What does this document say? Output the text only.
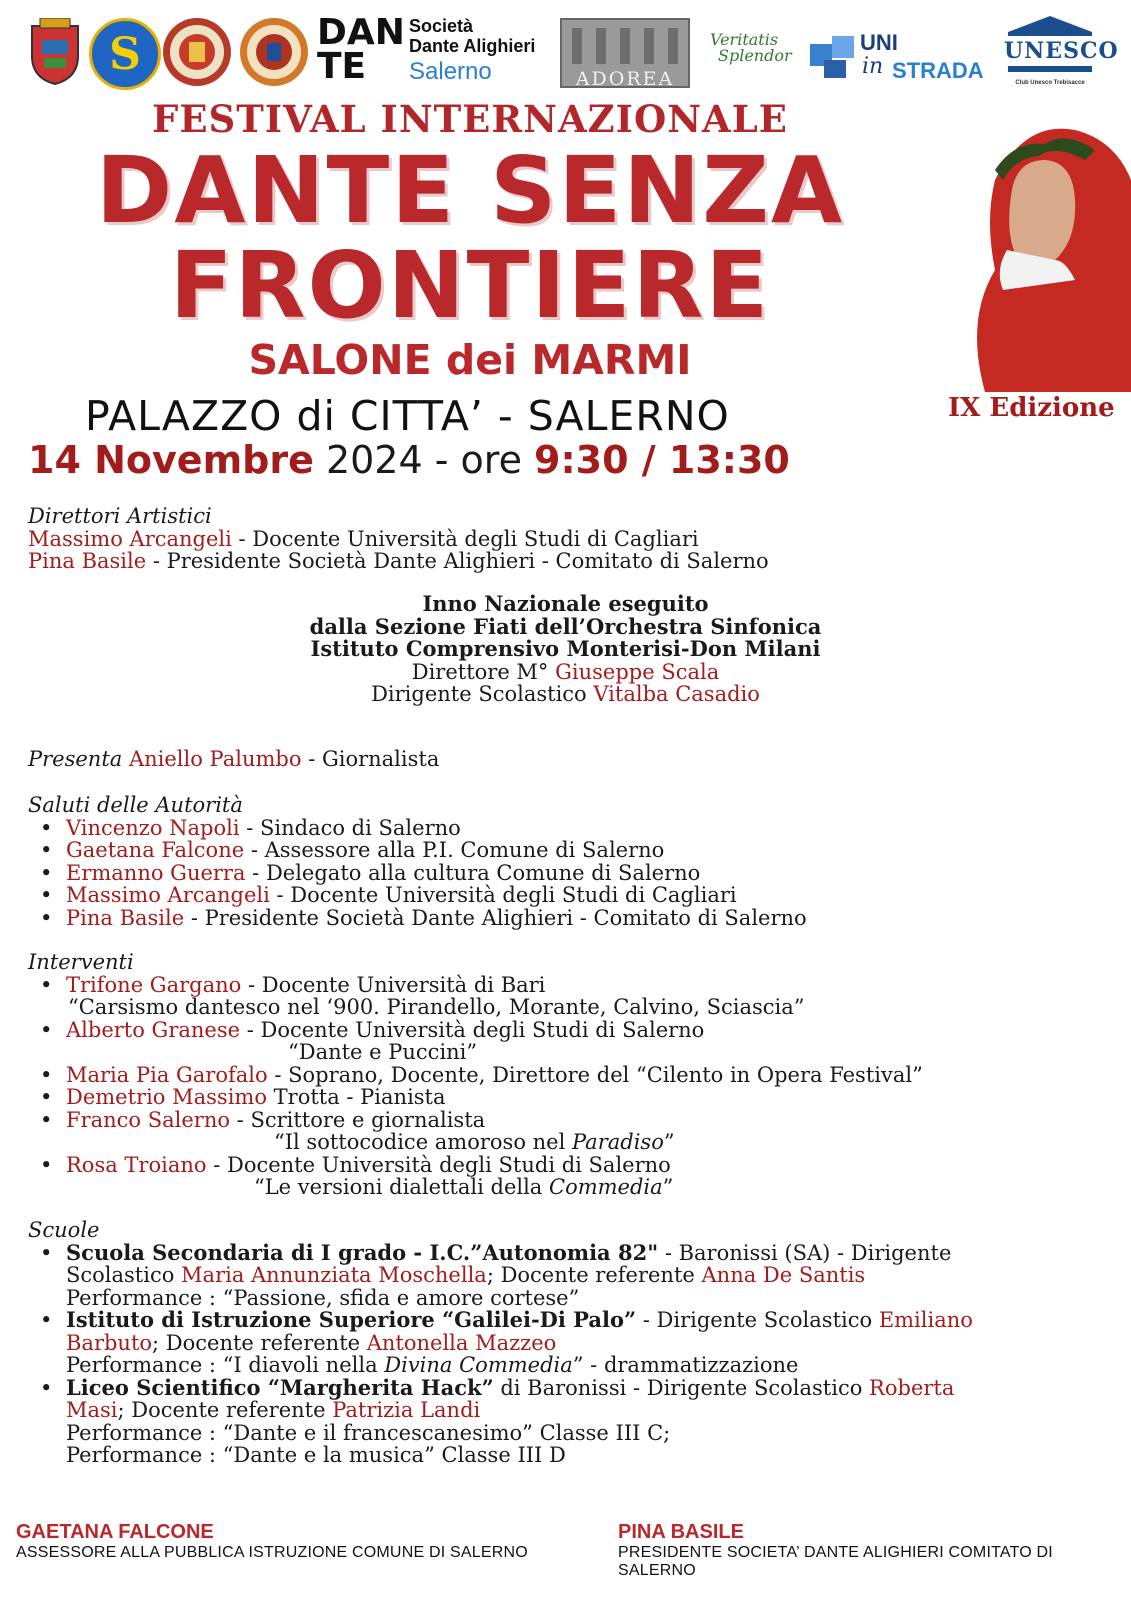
S	DAN
TE
Società
Dante Alighieri
Salerno	ADOREA
Veritatis
Splendor
UNI
in STRADA
UNESCO
Club Unesco Trebisacce
FESTIVAL INTERNAZIONALE
DANTE SENZA
FRONTIERE
SALONE dei MARMI
PALAZZO di CITTA’ - SALERNO
14 Novembre 2024 - ore 9:30 / 13:30
IX Edizione
Direttori Artistici
Massimo Arcangeli - Docente Università degli Studi di Cagliari
Pina Basile - Presidente Società Dante Alighieri - Comitato di Salerno
Inno Nazionale eseguito
dalla Sezione Fiati dell’Orchestra Sinfonica
Istituto Comprensivo Monterisi-Don Milani
Direttore M° Giuseppe Scala
Dirigente Scolastico Vitalba Casadio
Presenta Aniello Palumbo - Giornalista
Saluti delle Autorità
• Vincenzo Napoli - Sindaco di Salerno
• Gaetana Falcone - Assessore alla P.I. Comune di Salerno
• Ermanno Guerra - Delegato alla cultura Comune di Salerno
• Massimo Arcangeli - Docente Università degli Studi di Cagliari
• Pina Basile - Presidente Società Dante Alighieri - Comitato di Salerno
Interventi
• Trifone Gargano - Docente Università di Bari
“Carsismo dantesco nel ‘900. Pirandello, Morante, Calvino, Sciascia”
• Alberto Granese - Docente Università degli Studi di Salerno
“Dante e Puccini”
• Maria Pia Garofalo - Soprano, Docente, Direttore del “Cilento in Opera Festival”
• Demetrio Massimo Trotta - Pianista
• Franco Salerno - Scrittore e giornalista
“Il sottocodice amoroso nel Paradiso”
• Rosa Troiano - Docente Università degli Studi di Salerno
“Le versioni dialettali della Commedia”
Scuole
• Scuola Secondaria di I grado - I.C.”Autonomia 82" - Baronissi (SA) - Dirigente
Scolastico Maria Annunziata Moschella; Docente referente Anna De Santis
Performance : “Passione, sfida e amore cortese”
• Istituto di Istruzione Superiore “Galilei-Di Palo” - Dirigente Scolastico Emiliano
Barbuto; Docente referente Antonella Mazzeo
Performance : “I diavoli nella Divina Commedia” - drammatizzazione
• Liceo Scientifico “Margherita Hack” di Baronissi - Dirigente Scolastico Roberta
Masi; Docente referente Patrizia Landi
Performance : “Dante e il francescanesimo” Classe III C;
Performance : “Dante e la musica” Classe III D
GAETANA FALCONE
ASSESSORE ALLA PUBBLICA ISTRUZIONE COMUNE DI SALERNO
PINA BASILE
PRESIDENTE SOCIETA’ DANTE ALIGHIERI COMITATO DI SALERNO
